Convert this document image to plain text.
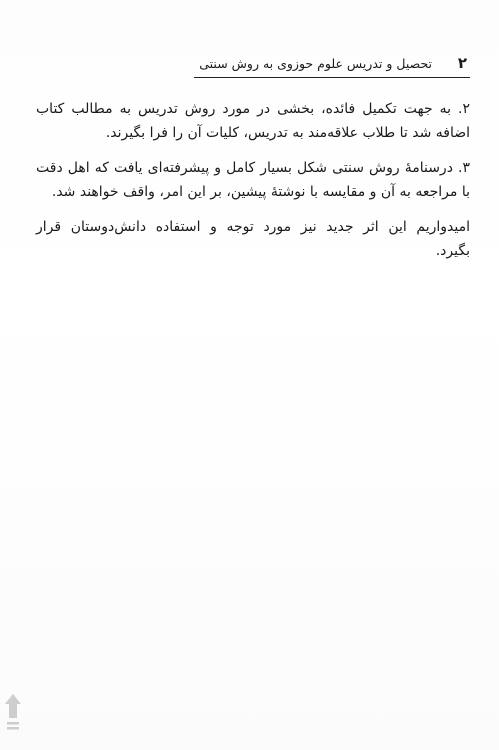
۲
تحصیل و تدریس علوم حوزوی به روش سنتی

۲. به جهت تکمیل فائده، بخشی در مورد روش تدریس به مطالب کتاب اضافه شد تا طلاب علاقه‌مند به تدریس، کلیات آن را فرا بگیرند.

۳. درسنامهٔ روش سنتی شکل بسیار کامل و پیشرفته‌ای یافت که اهل دقت با مراجعه به آن و مقایسه با نوشتهٔ پیشین، بر این امر، واقف خواهند شد.

امیدواریم این اثر جدید نیز مورد توجه و استفاده دانش‌دوستان قرار بگیرد.
